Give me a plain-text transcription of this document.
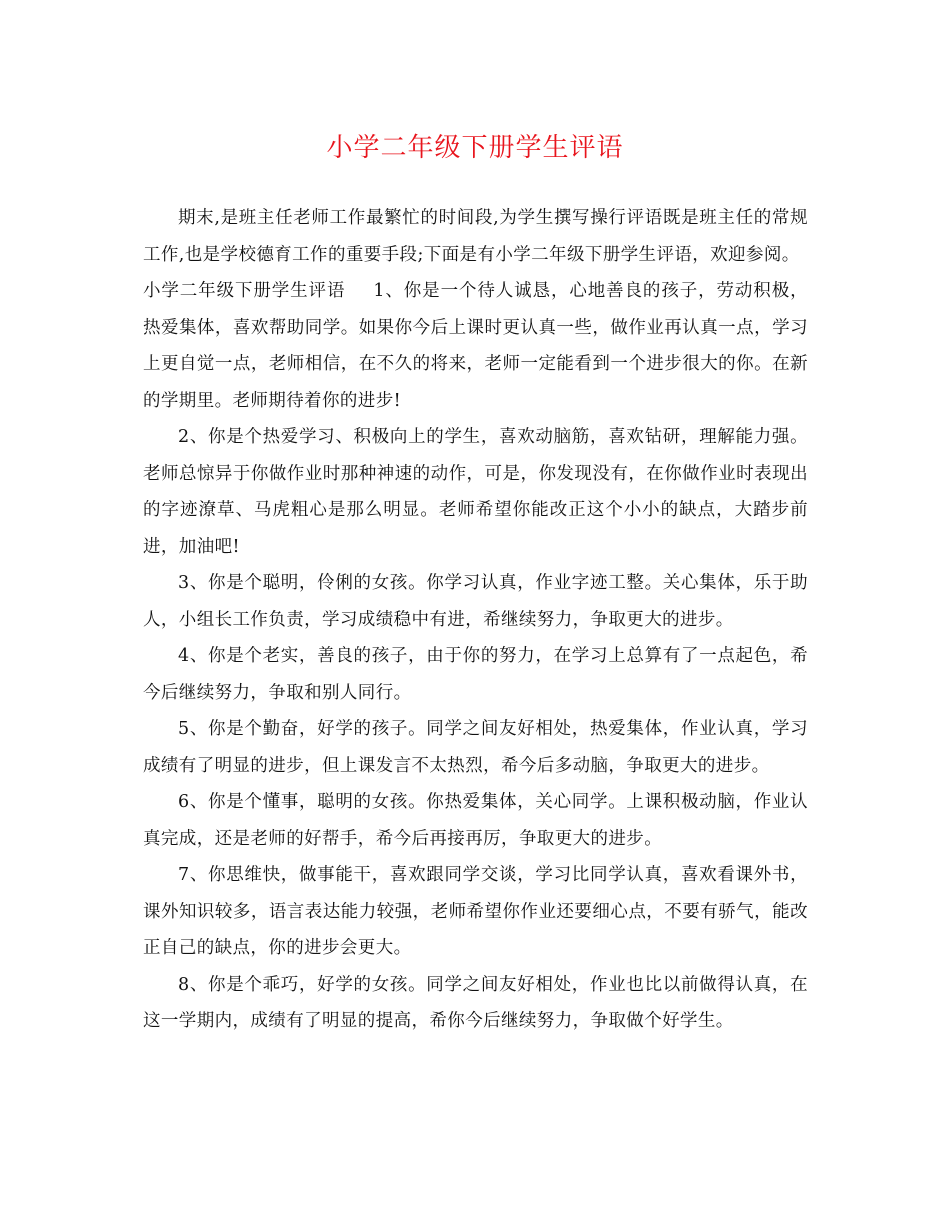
小学二年级下册学生评语

期末,是班主任老师工作最繁忙的时间段,为学生撰写操行评语既是班主任的常规工作,也是学校德育工作的重要手段;下面是有小学二年级下册学生评语，欢迎参阅。

小学二年级下册学生评语 1、你是一个待人诚恳，心地善良的孩子，劳动积极，热爱集体，喜欢帮助同学。如果你今后上课时更认真一些，做作业再认真一点，学习上更自觉一点，老师相信，在不久的将来，老师一定能看到一个进步很大的你。在新的学期里。老师期待着你的进步!

2、你是个热爱学习、积极向上的学生，喜欢动脑筋，喜欢钻研，理解能力强。老师总惊异于你做作业时那种神速的动作，可是，你发现没有，在你做作业时表现出的字迹潦草、马虎粗心是那么明显。老师希望你能改正这个小小的缺点，大踏步前进，加油吧!

3、你是个聪明，伶俐的女孩。你学习认真，作业字迹工整。关心集体，乐于助人，小组长工作负责，学习成绩稳中有进，希继续努力，争取更大的进步。

4、你是个老实，善良的孩子，由于你的努力，在学习上总算有了一点起色，希今后继续努力，争取和别人同行。

5、你是个勤奋，好学的孩子。同学之间友好相处，热爱集体，作业认真，学习成绩有了明显的进步，但上课发言不太热烈，希今后多动脑，争取更大的进步。

6、你是个懂事，聪明的女孩。你热爱集体，关心同学。上课积极动脑，作业认真完成，还是老师的好帮手，希今后再接再厉，争取更大的进步。

7、你思维快，做事能干，喜欢跟同学交谈，学习比同学认真，喜欢看课外书，课外知识较多，语言表达能力较强，老师希望你作业还要细心点，不要有骄气，能改正自己的缺点，你的进步会更大。

8、你是个乖巧，好学的女孩。同学之间友好相处，作业也比以前做得认真，在这一学期内，成绩有了明显的提高，希你今后继续努力，争取做个好学生。
